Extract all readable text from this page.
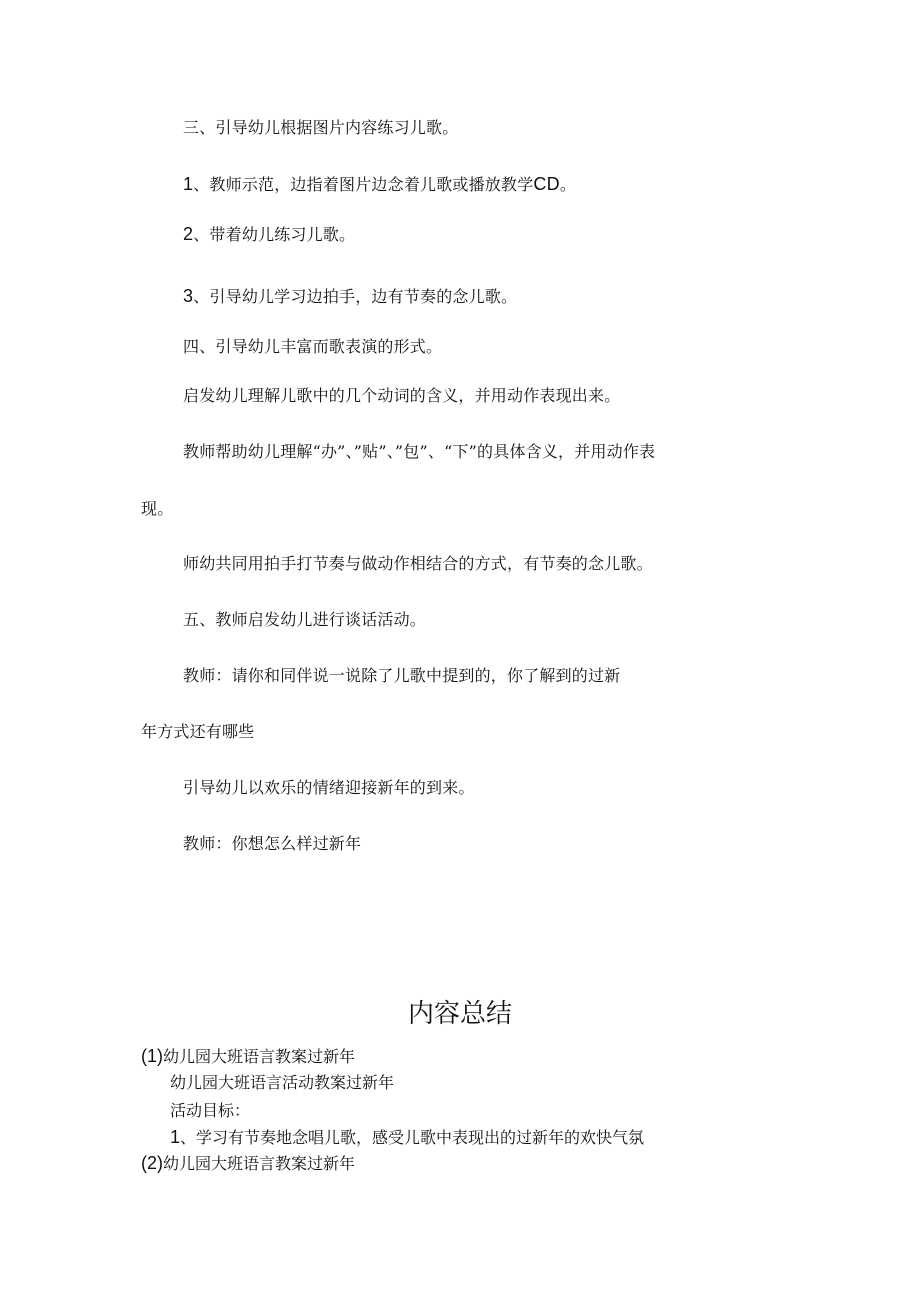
三、引导幼儿根据图片内容练习儿歌。
1、教师示范，边指着图片边念着儿歌或播放教学CD。
2、带着幼儿练习儿歌。
3、引导幼儿学习边拍手，边有节奏的念儿歌。
四、引导幼儿丰富而歌表演的形式。
启发幼儿理解儿歌中的几个动词的含义，并用动作表现出来。
教师帮助幼儿理解“办”、”贴”、”包”、“下”的具体含义，并用动作表
现。
师幼共同用拍手打节奏与做动作相结合的方式，有节奏的念儿歌。
五、教师启发幼儿进行谈话活动。
教师：请你和同伴说一说除了儿歌中提到的，你了解到的过新
年方式还有哪些
引导幼儿以欢乐的情绪迎接新年的到来。
教师：你想怎么样过新年
内容总结
(1)幼儿园大班语言教案过新年
幼儿园大班语言活动教案过新年
活动目标：
1、学习有节奏地念唱儿歌，感受儿歌中表现出的过新年的欢快气氛
(2)幼儿园大班语言教案过新年
